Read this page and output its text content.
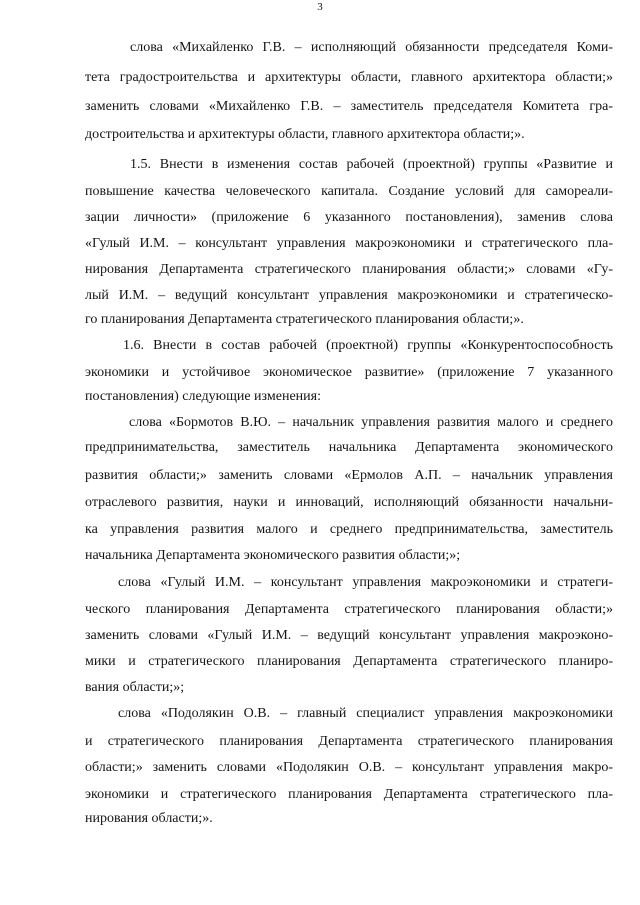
3
слова «Михайленко Г.В. – исполняющий обязанности председателя Коми-
тета градостроительства и архитектуры области, главного архитектора области;»
заменить словами «Михайленко Г.В. – заместитель председателя Комитета гра-
достроительства и архитектуры области, главного архитектора области;».
1.5. Внести в изменения состав рабочей (проектной) группы «Развитие и
повышение качества человеческого капитала. Создание условий для самореали-
зации личности» (приложение 6 указанного постановления), заменив слова
«Гулый И.М. – консультант управления макроэкономики и стратегического пла-
нирования Департамента стратегического планирования области;» словами «Гу-
лый И.М. – ведущий консультант управления макроэкономики и стратегическо-
го планирования Департамента стратегического планирования области;».
1.6. Внести в состав рабочей (проектной) группы «Конкурентоспособность
экономики и устойчивое экономическое развитие» (приложение 7 указанного
постановления) следующие изменения:
слова «Бормотов В.Ю. – начальник управления развития малого и среднего
предпринимательства, заместитель начальника Департамента экономического
развития области;» заменить словами «Ермолов А.П. – начальник управления
отраслевого развития, науки и инноваций, исполняющий обязанности начальни-
ка управления развития малого и среднего предпринимательства, заместитель
начальника Департамента экономического развития области;»;
слова «Гулый И.М. – консультант управления макроэкономики и стратеги-
ческого планирования Департамента стратегического планирования области;»
заменить словами «Гулый И.М. – ведущий консультант управления макроэконо-
мики и стратегического планирования Департамента стратегического планиро-
вания области;»;
слова «Подолякин О.В. – главный специалист управления макроэкономики
и стратегического планирования Департамента стратегического планирования
области;» заменить словами «Подолякин О.В. – консультант управления макро-
экономики и стратегического планирования Департамента стратегического пла-
нирования области;».
